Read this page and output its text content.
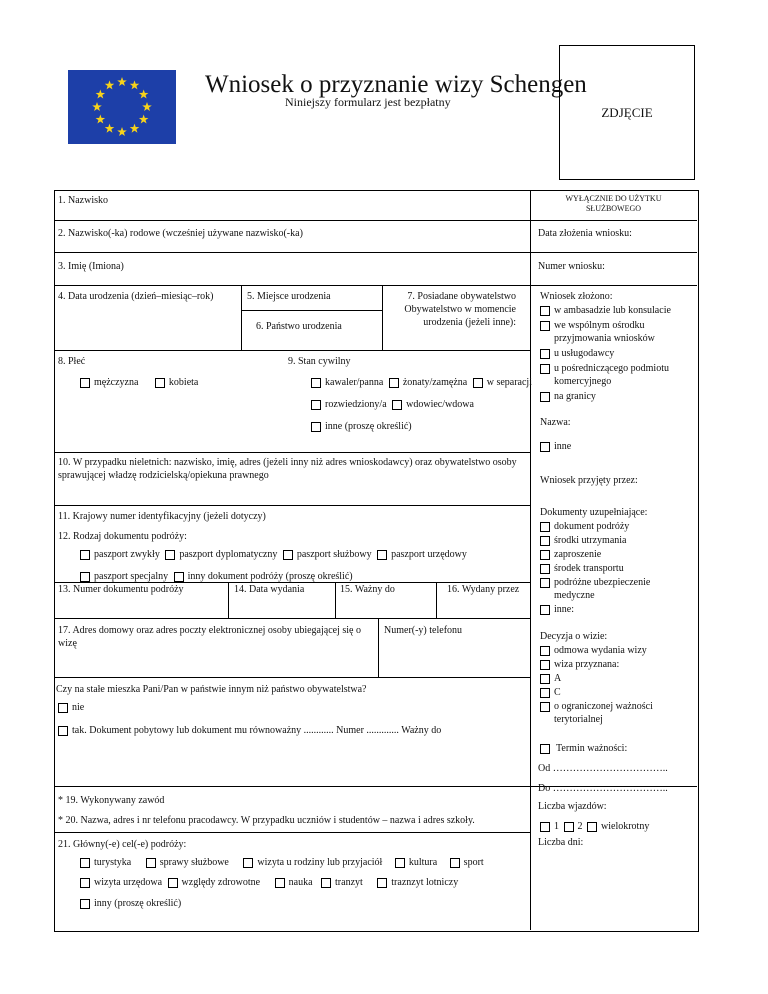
Wniosek o przyznanie wizy Schengen
Niniejszy formularz jest bezpłatny
ZDJĘCIE
1. Nazwisko
2. Nazwisko(-ka) rodowe (wcześniej używane nazwisko(-ka)
3. Imię (Imiona)
4. Data urodzenia (dzień–miesiąc–rok)	5. Miejsce urodzenia
6. Państwo urodzenia
7. Posiadane obywatelstwo Obywatelstwo w momencie urodzenia (jeżeli inne):
8. Płeć
mężczyzna
	kobieta
9. Stan cywilny
kawaler/panna
żonaty/zamężna
w separacji
rozwiedziony/a
wdowiec/wdowa
inne (proszę określić)
10. W przypadku nieletnich: nazwisko, imię, adres (jeżeli inny niż adres wnioskodawcy) oraz obywatelstwo osoby sprawującej władzę rodzicielską/opiekuna prawnego
11. Krajowy numer identyfikacyjny (jeżeli dotyczy)
12. Rodzaj dokumentu podróży:
paszport zwykły
paszport dyplomatyczny
paszport służbowy
paszport urzędowy
paszport specjalny
inny dokument podróży (proszę określić)
13. Numer dokumentu podróży	14. Data wydania	15. Ważny do	16. Wydany przez
17. Adres domowy oraz adres poczty elektronicznej osoby ubiegającej się o wizę
Numer(-y) telefonu
Czy na stałe mieszka Pani/Pan w państwie innym niż państwo obywatelstwa?
nie
tak. Dokument pobytowy lub dokument mu równoważny ............ Numer ............. Ważny do
* 19. Wykonywany zawód
* 20. Nazwa, adres i nr telefonu pracodawcy. W przypadku uczniów i studentów – nazwa i adres szkoły.
21. Główny(-e) cel(-e) podróży:
turystyka
	sprawy służbowe
	wizyta u rodziny lub przyjaciół
	kultura
	sport
wizyta urzędowa
względy zdrowotne
	nauka
tranzyt
	traznzyt lotniczy
inny (proszę określić)
WYŁĄCZNIE DO UŻYTKU SŁUŻBOWEGO
Data złożenia wniosku:
Numer wniosku:
Wniosek złożono:
w ambasadzie lub konsulacie
we wspólnym ośrodku przyjmowania wniosków
u usługodawcy
u pośredniczącego podmiotu komercyjnego
na granicy
Nazwa:
inne
Wniosek przyjęty przez:
Dokumenty uzupełniające:
dokument podróży
środki utrzymania
zaproszenie
środek transportu
podróżne ubezpieczenie medyczne
inne:
Decyzja o wizie:
odmowa wydania wizy
wiza przyznana:
A
C
o ograniczonej ważności terytorialnej
Termin ważności:
Od ……………………………..
Do ……………………………..
Liczba wjazdów:
1
2
wielokrotny
Liczba dni:
